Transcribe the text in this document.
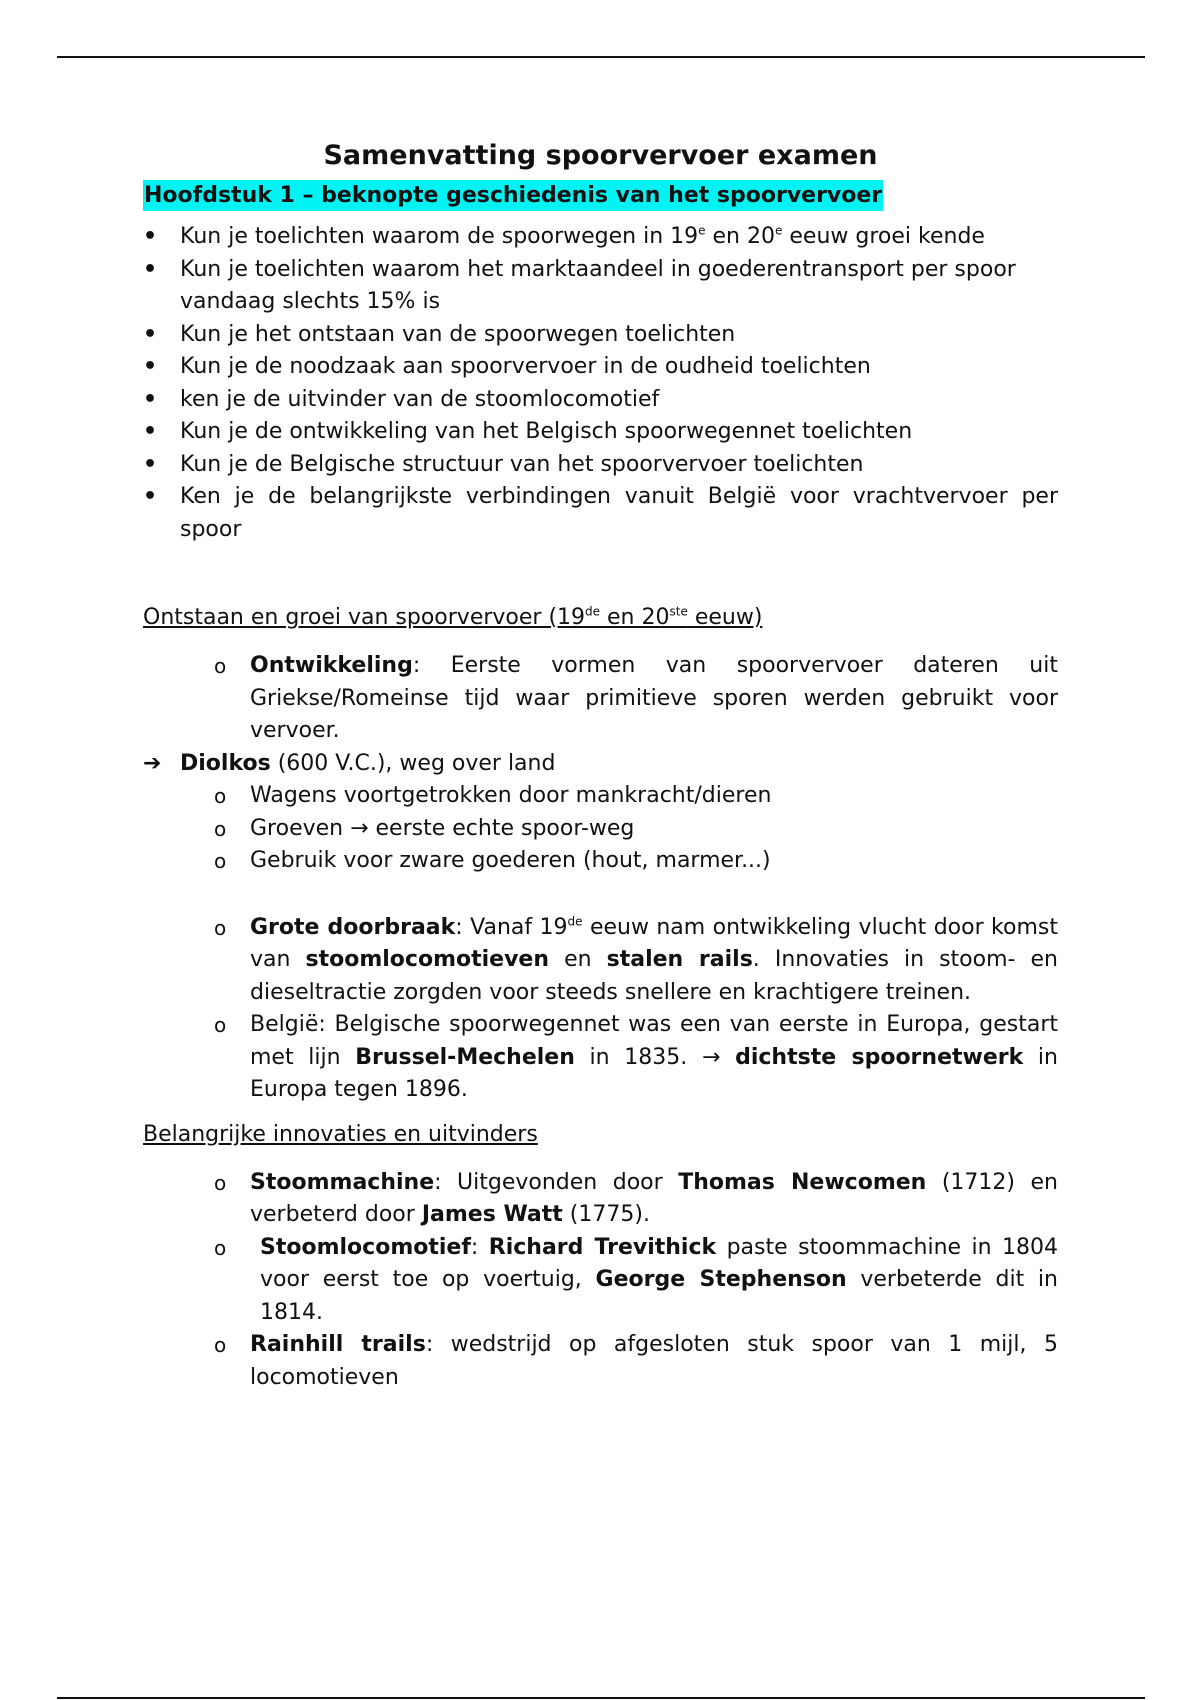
Samenvatting spoorvervoer examen
Hoofdstuk 1 – beknopte geschiedenis van het spoorvervoer
• Kun je toelichten waarom de spoorwegen in 19e en 20e eeuw groei kende
• Kun je toelichten waarom het marktaandeel in goederentransport per spoor vandaag slechts 15% is
• Kun je het ontstaan van de spoorwegen toelichten
• Kun je de noodzaak aan spoorvervoer in de oudheid toelichten
• ken je de uitvinder van de stoomlocomotief
• Kun je de ontwikkeling van het Belgisch spoorwegennet toelichten
• Kun je de Belgische structuur van het spoorvervoer toelichten
• Ken je de belangrijkste verbindingen vanuit België voor vrachtvervoer per spoor

Ontstaan en groei van spoorvervoer (19de en 20ste eeuw)

o Ontwikkeling: Eerste vormen van spoorvervoer dateren uit Griekse/Romeinse tijd waar primitieve sporen werden gebruikt voor vervoer.
➔ Diolkos (600 V.C.), weg over land
o Wagens voortgetrokken door mankracht/dieren
o Groeven → eerste echte spoor-weg
o Gebruik voor zware goederen (hout, marmer...)
o Grote doorbraak: Vanaf 19de eeuw nam ontwikkeling vlucht door komst van stoomlocomotieven en stalen rails. Innovaties in stoom- en dieseltractie zorgden voor steeds snellere en krachtigere treinen.
o België: Belgische spoorwegennet was een van eerste in Europa, gestart met lijn Brussel-Mechelen in 1835. → dichtste spoornetwerk in Europa tegen 1896.

Belangrijke innovaties en uitvinders

o Stoommachine: Uitgevonden door Thomas Newcomen (1712) en verbeterd door James Watt (1775).
o Stoomlocomotief: Richard Trevithick paste stoommachine in 1804 voor eerst toe op voertuig, George Stephenson verbeterde dit in 1814.
o Rainhill trails: wedstrijd op afgesloten stuk spoor van 1 mijl, 5 locomotieven
